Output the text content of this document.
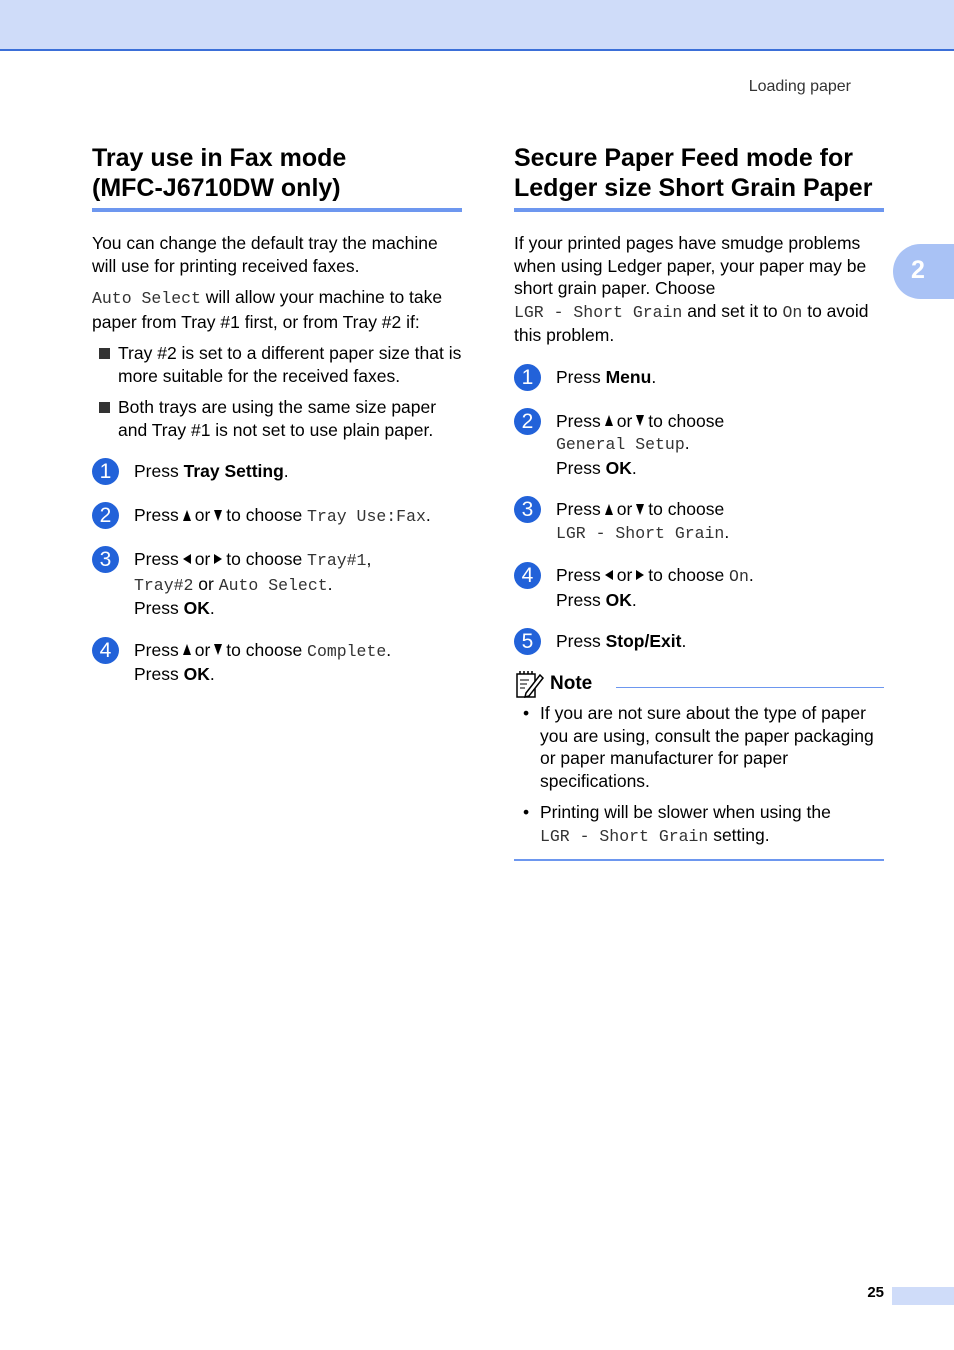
Loading paper
2
Tray use in Fax mode
(MFC-J6710DW only)

You can change the default tray the machine will use for printing received faxes.

Auto Select will allow your machine to take paper from Tray #1 first, or from Tray #2 if:

Tray #2 is set to a different paper size that is more suitable for the received faxes.
Both trays are using the same size paper and Tray #1 is not set to use plain paper.
1	Press Tray Setting.
2	Press or to choose Tray Use:Fax.
3	Press or to choose Tray#1,
Tray#2 or Auto Select.
Press OK.
4	Press or to choose Complete.
Press OK.
Secure Paper Feed mode for
Ledger size Short Grain Paper

If your printed pages have smudge problems when using Ledger paper, your paper may be short grain paper. Choose
LGR - Short Grain and set it to On to avoid this problem.

1	Press Menu.
2	Press or to choose
General Setup.
Press OK.
3	Press or to choose
LGR - Short Grain.
4	Press or to choose On.
Press OK.
5	Press Stop/Exit.
Note
• If you are not sure about the type of paper you are using, consult the paper packaging or paper manufacturer for paper specifications.
• Printing will be slower when using the
LGR - Short Grain setting.
25
